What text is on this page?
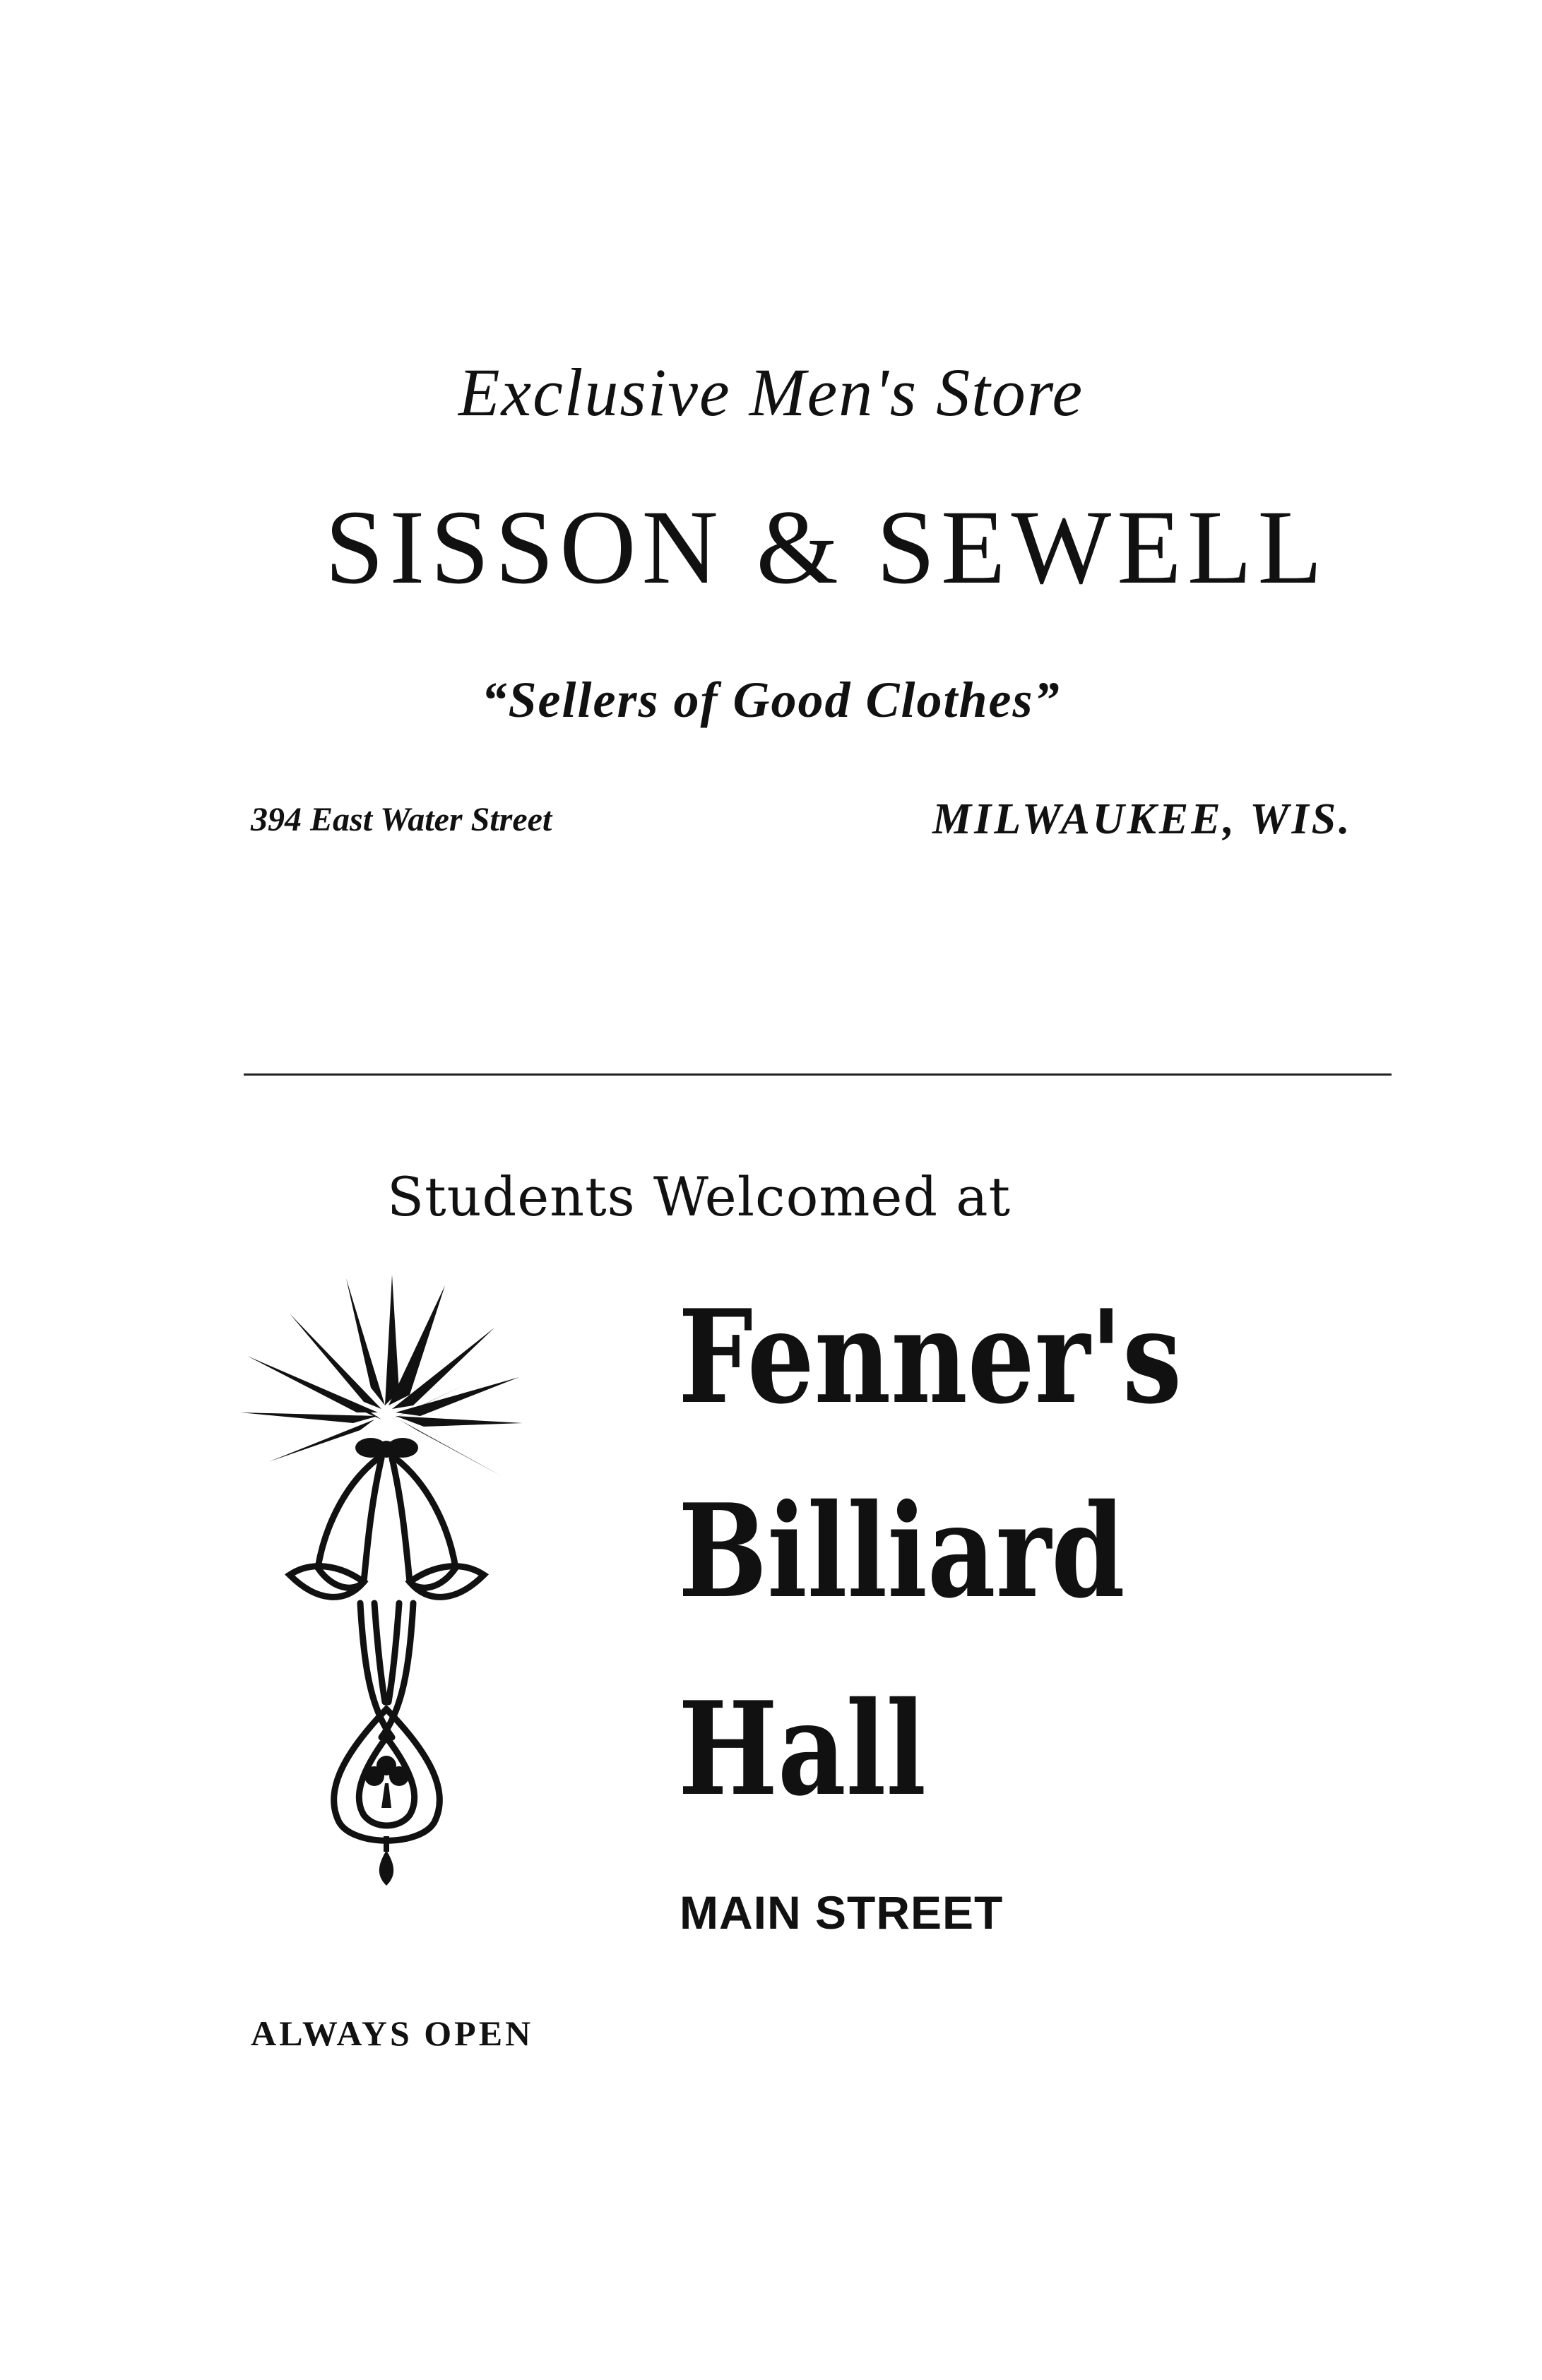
Exclusive Men's Store
SISSON & SEWELL
“Sellers of Good Clothes”
394 East Water Street	MILWAUKEE, WIS.
Students Welcomed at
Fenner's
Billiard
Hall
MAIN STREET
ALWAYS OPEN
